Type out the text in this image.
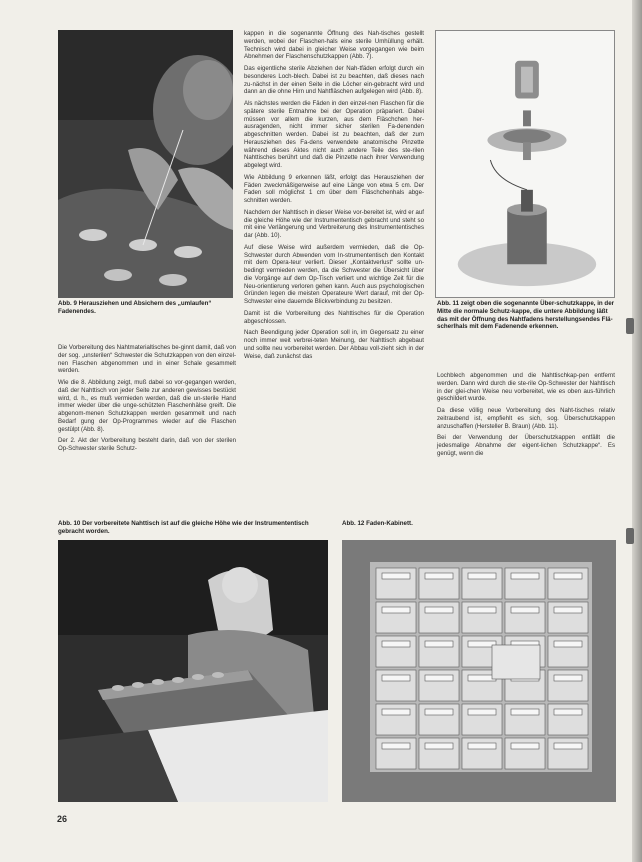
Abb. 9 Herausziehen und Absichern des „umlaufen“ Fadenendes.

Die Vorbereitung des Nahtmaterialtisches be-ginnt damit, daß von der sog. „unsterilen“ Schwester die Schutzkappen von den einzel-nen Flaschen abgenommen und in einer Schale gesammelt werden.

Wie die 8. Abbildung zeigt, muß dabei so vor-gegangen werden, daß der Nahttisch von jeder Seite zur anderen gewisses bestückt wird, d. h., es muß vermieden werden, daß die un-sterile Hand immer wieder über die unge-schützten Flaschenhälse greift. Die abgenom-menen Schutzkappen werden gesammelt und nach Bedarf gung der Op-Programmes wieder auf die Flaschen gestülpt (Abb. 8).

Der 2. Akt der Vorbereitung besteht darin, daß von der sterilen Op-Schwester sterile Schutz-

kappen in die sogenannte Öffnung des Nah-tisches gestellt werden, wobei der Flaschen-hals eine sterile Umhüllung erhält. Technisch wird dabei in gleicher Weise vorgegangen wie beim Abnehmen der Flaschenschutzkappen (Abb. 7).

Das eigentliche sterile Abziehen der Nah-tfäden erfolgt durch ein besonderes Loch-blech. Dabei ist zu beachten, daß dieses nach zu-nächst in der einen Seite in die Löcher ein-gebracht wird und dann an die ohne Hirn und Nahtfläschen aufgelegen wird (Abb. 8).

Als nächstes werden die Fäden in den einzel-nen Flaschen für die spätere sterile Entnahme bei der Operation präpariert. Dabei müssen vor allem die kurzen, aus dem Fläschchen her-ausragenden, nicht immer sicher sterilen Fa-denenden abgeschnitten werden. Dabei ist zu beachten, daß der zum Herausziehen des Fa-dens verwendete anatomische Pinzette während dieses Aktes nicht auch andere Teile des ste-rilen Nahttisches berührt und daß die Pinzette nach ihrer Verwendung abgelegt wird.

Wie Abbildung 9 erkennen läßt, erfolgt das Herausziehen der Fäden zweckmäßigerweise auf eine Länge von etwa 5 cm. Der Faden soll möglichst 1 cm über dem Fläschchenhals abge-schnitten werden.

Nachdem der Nahttisch in dieser Weise vor-bereitet ist, wird er auf die gleiche Höhe wie der Instrumententisch gebracht und steht so mit eine Verlängerung und Verbreiterung des Instrumententisches dar (Abb. 10).

Auf diese Weise wird außerdem vermieden, daß die Op-Schwester durch Abwenden vom In-strumententisch den Kontakt mit dem Opera-teur verliert. Dieser „Kontaktverlust“ sollte un-bedingt vermieden werden, da die Schwester die Übersicht über die Vorgänge auf dem Op-Tisch verliert und wichtige Zeit für die Neu-orientierung verloren gehen kann. Auch aus psychologischen Gründen legen die meisten Operateure Wert darauf, mit der Op-Schwester eine dauernde Blickverbindung zu besitzen.

Damit ist die Vorbereitung des Nahttisches für die Operation abgeschlossen.

Nach Beendigung jeder Operation soll in, im Gegensatz zu einer noch immer weit verbrei-teten Meinung, der Nahttisch abgebaut und sollte neu vorbereitet werden. Der Abbau voll-zieht sich in der Weise, daß zunächst das

Abb. 11 zeigt oben die sogenannte Über-schutzkappe, in der Mitte die normale Schutz-kappe, die untere Abbildung läßt das mit der Öffnung des Nahtfadens herstellungsendes Flä-scherlhals mit dem Fadenende erkennen.

Lochblech abgenommen und die Nahttischkap-pen entfernt werden. Dann wird durch die ste-rile Op-Schwester der Nahttisch in der glei-chen Weise neu vorbereitet, wie es oben aus-führlich geschildert wurde.

Da diese völlig neue Vorbereitung des Naht-tisches relativ zeitraubend ist, empfiehlt es sich, sog. Überschutzkappen anzuschaffen (Hersteller B. Braun) (Abb. 11).

Bei der Verwendung der Überschutzkappen entfällt die jedesmalige Abnahme der eigent-lichen Schutzkappe“. Es genügt, wenn die

Abb. 10 Der vorbereitete Nahttisch ist auf die gleiche Höhe wie der Instrumententisch gebracht worden.
Abb. 12 Faden-Kabinett.
26
